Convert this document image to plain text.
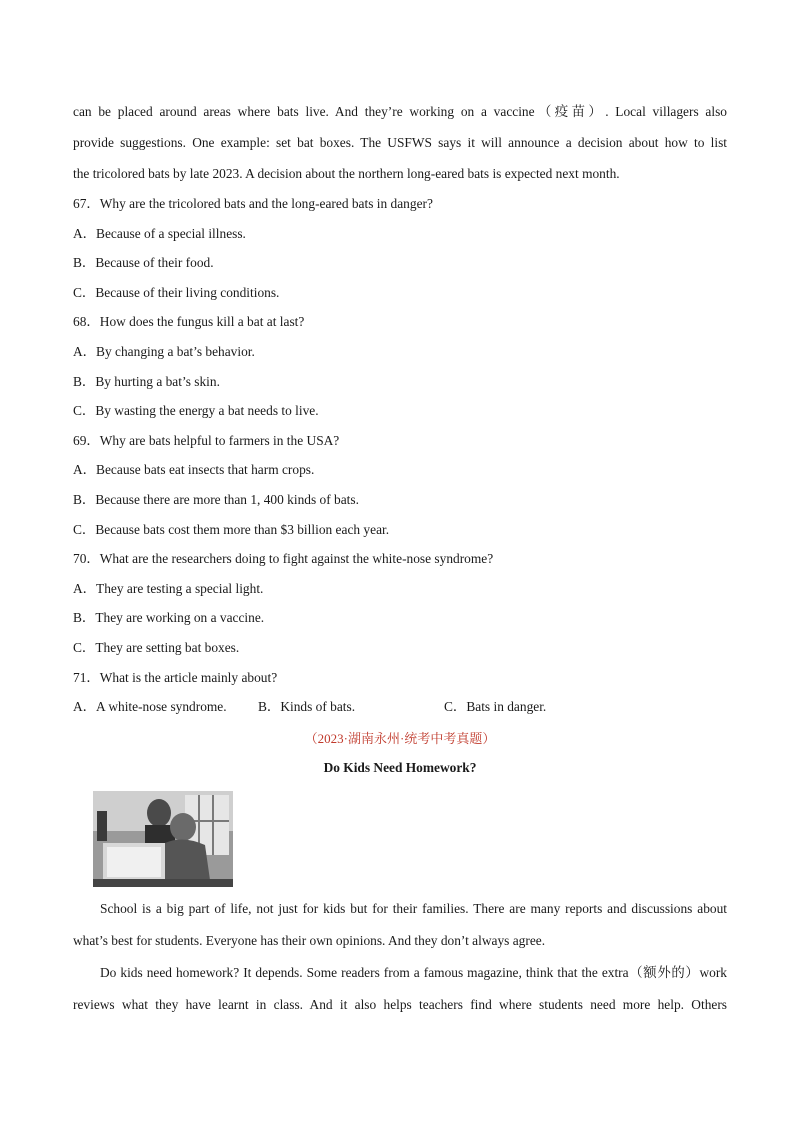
can be placed around areas where bats live. And they’re working on a vaccine（疫苗）. Local villagers also

provide suggestions. One example: set bat boxes. The USFWS says it will announce a decision about how to list

the tricolored bats by late 2023. A decision about the northern long-eared bats is expected next month.

67．Why are the tricolored bats and the long-eared bats in danger?

A．Because of a special illness.

B．Because of their food.

C．Because of their living conditions.

68．How does the fungus kill a bat at last?

A．By changing a bat’s behavior.

B．By hurting a bat’s skin.

C．By wasting the energy a bat needs to live.

69．Why are bats helpful to farmers in the USA?

A．Because bats eat insects that harm crops.

B．Because there are more than 1, 400 kinds of bats.

C．Because bats cost them more than $3 billion each year.

70．What are the researchers doing to fight against the white-nose syndrome?

A．They are testing a special light.

B．They are working on a vaccine.

C．They are setting bat boxes.

71．What is the article mainly about?

A．A white-nose syndrome.	B．Kinds of bats.	C．Bats in danger.
（2023·湖南永州·统考中考真题）
Do Kids Need Homework?

School is a big part of life, not just for kids but for their families. There are many reports and discussions about what’s best for students. Everyone has their own opinions. And they don’t always agree.

Do kids need homework? It depends. Some readers from a famous magazine, think that the extra（额外的）work reviews what they have learnt in class. And it also helps teachers find where students need more help. Others
